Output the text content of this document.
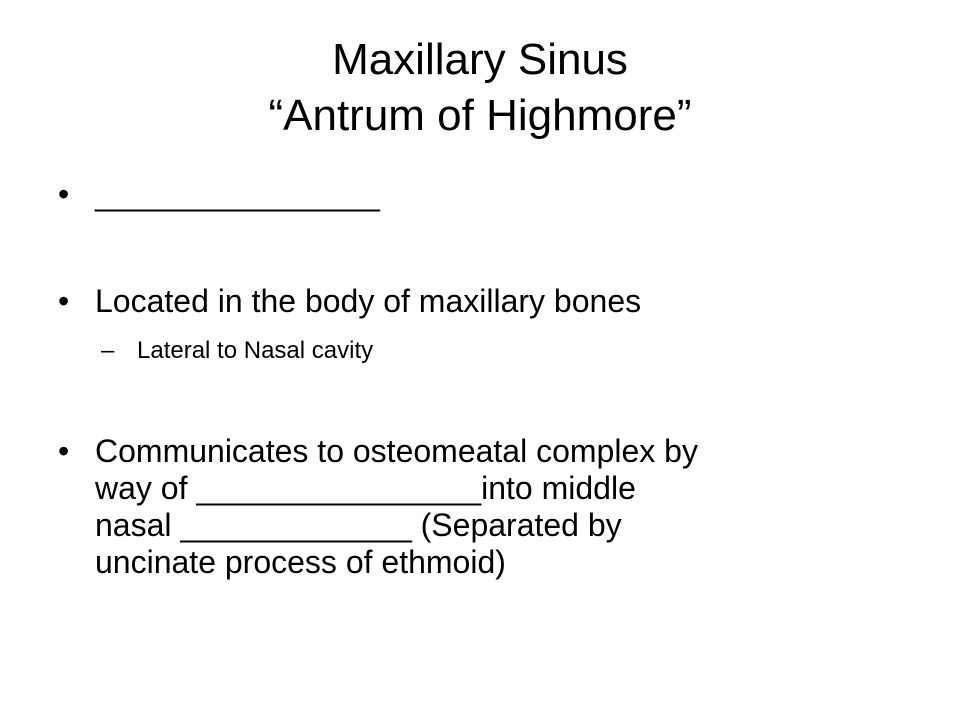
Maxillary Sinus
“Antrum of Highmore”
• ________________
• Located in the body of maxillary bones
– Lateral to Nasal cavity
• Communicates to osteomeatal complex by
way of ________________into middle
nasal _____________ (Separated by
uncinate process of ethmoid)
